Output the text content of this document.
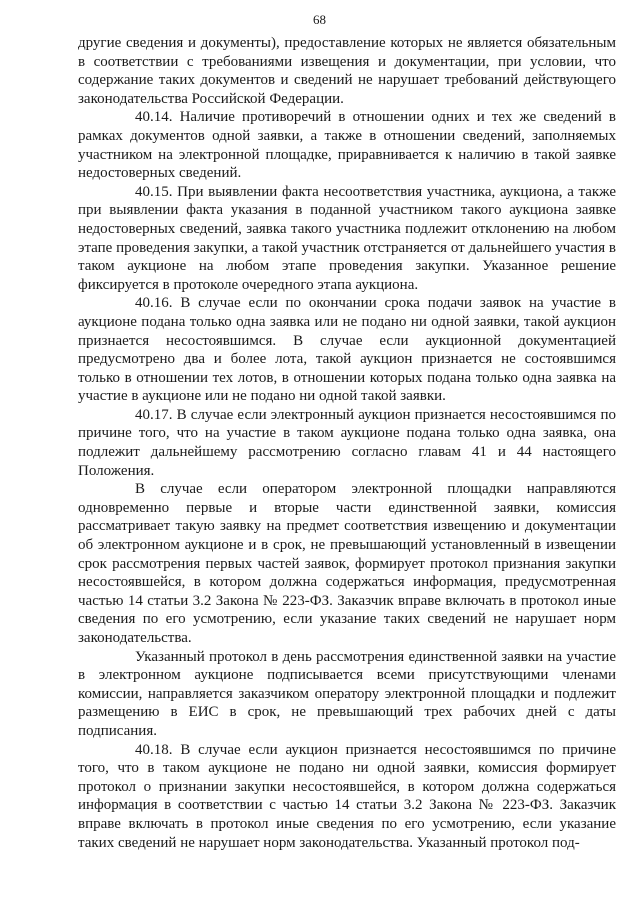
68

другие сведения и документы), предоставление которых не является обязательным в соответствии с требованиями извещения и документации, при условии, что содержание таких документов и сведений не нарушает требований действующего законодательства Российской Федерации.

40.14. Наличие противоречий в отношении одних и тех же сведений в рамках документов одной заявки, а также в отношении сведений, заполняемых участником на электронной площадке, приравнивается к наличию в такой заявке недостоверных сведений.

40.15. При выявлении факта несоответствия участника, аукциона, а также при выявлении факта указания в поданной участником такого аукциона заявке недостоверных сведений, заявка такого участника подлежит отклонению на любом этапе проведения закупки, а такой участник отстраняется от дальнейшего участия в таком аукционе на любом этапе проведения закупки. Указанное решение фиксируется в протоколе очередного этапа аукциона.

40.16. В случае если по окончании срока подачи заявок на участие в аукционе подана только одна заявка или не подано ни одной заявки, такой аукцион признается несостоявшимся. В случае если аукционной документацией предусмотрено два и более лота, такой аукцион признается не состоявшимся только в отношении тех лотов, в отношении которых подана только одна заявка на участие в аукционе или не подано ни одной такой заявки.

40.17. В случае если электронный аукцион признается несостоявшимся по причине того, что на участие в таком аукционе подана только одна заявка, она подлежит дальнейшему рассмотрению согласно главам 41 и 44 настоящего Положения.

В случае если оператором электронной площадки направляются одновременно первые и вторые части единственной заявки, комиссия рассматривает такую заявку на предмет соответствия извещению и документации об электронном аукционе и в срок, не превышающий установленный в извещении срок рассмотрения первых частей заявок, формирует протокол признания закупки несостоявшейся, в котором должна содержаться информация, предусмотренная частью 14 статьи 3.2 Закона № 223-ФЗ. Заказчик вправе включать в протокол иные сведения по его усмотрению, если указание таких сведений не нарушает норм законодательства.

Указанный протокол в день рассмотрения единственной заявки на участие в электронном аукционе подписывается всеми присутствующими членами комиссии, направляется заказчиком оператору электронной площадки и подлежит размещению в ЕИС в срок, не превышающий трех рабочих дней с даты подписания.

40.18. В случае если аукцион признается несостоявшимся по причине того, что в таком аукционе не подано ни одной заявки, комиссия формирует протокол о признании закупки несостоявшейся, в котором должна содержаться информация в соответствии с частью 14 статьи 3.2 Закона № 223-ФЗ. Заказчик вправе включать в протокол иные сведения по его усмотрению, если указание таких сведений не нарушает норм законодательства. Указанный протокол под-
